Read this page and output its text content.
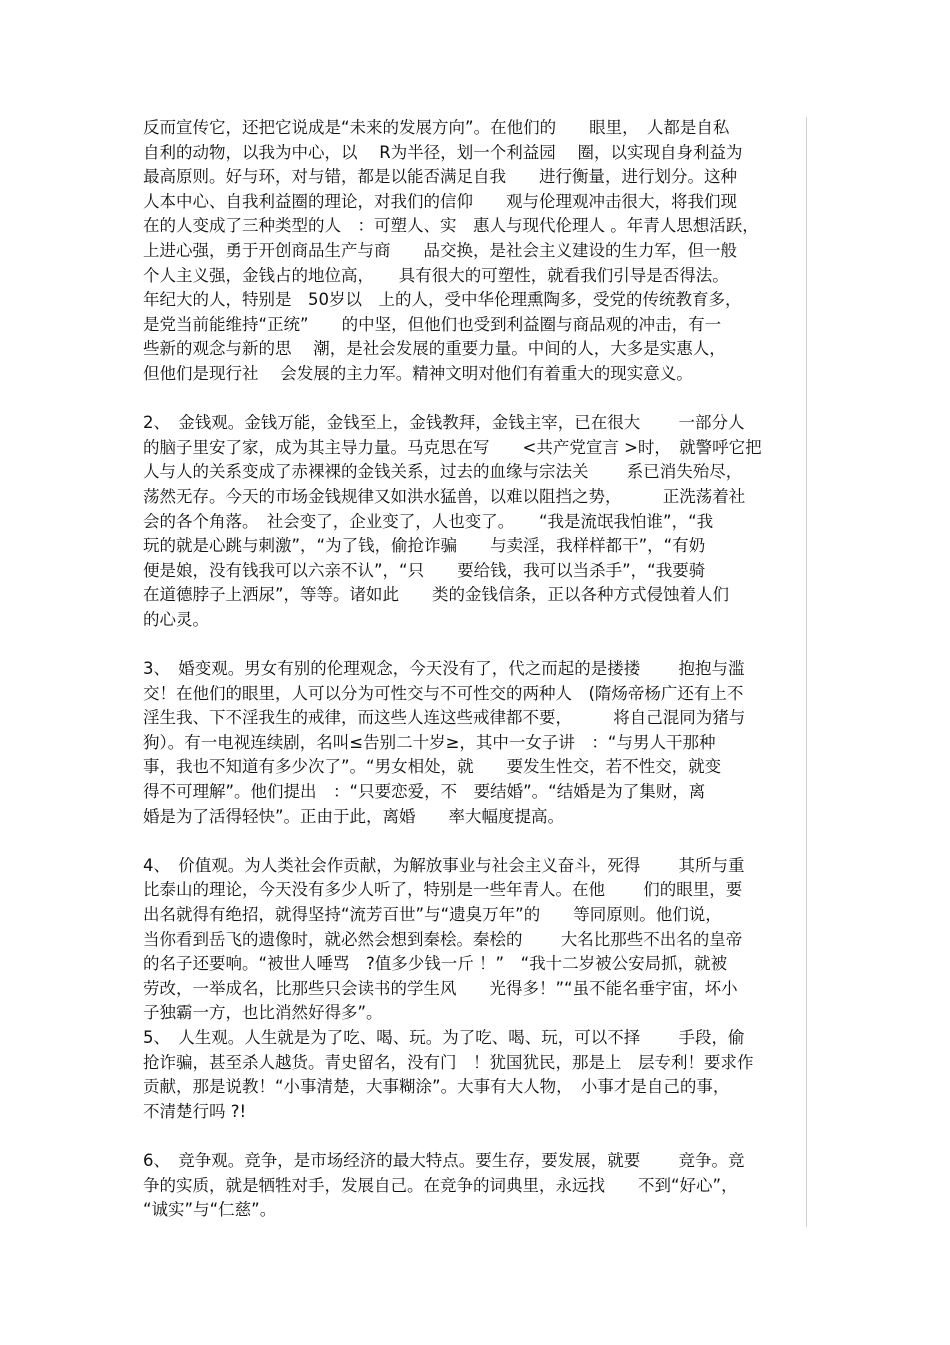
反而宣传它，还把它说成是“未来的发展方向”。在他们的　　眼里，　人都是自私
自利的动物，以我为中心，以　 R为半径，划一个利益园　 圈，以实现自身利益为
最高原则。好与环，对与错，都是以能否满足自我　　进行衡量，进行划分。这种
人本中心、自我利益圈的理论，对我们的信仰　　观与伦理观冲击很大，将我们现
在的人变成了三种类型的人　：可塑人、实　惠人与现代伦理人 。年青人思想活跃，
上进心强，勇于开创商品生产与商　　品交换，是社会主义建设的生力军，但一般
个人主义强，金钱占的地位高，　　具有很大的可塑性，就看我们引导是否得法。
年纪大的人，特别是　50岁以　上的人，受中华伦理熏陶多，受党的传统教育多，
是党当前能维持“正统”　　的中坚，但他们也受到利益圈与商品观的冲击，有一
些新的观念与新的思　 潮，是社会发展的重要力量。中间的人，大多是实惠人，
但他们是现行社　 会发展的主力军。精神文明对他们有着重大的现实意义。
2、　金钱观。金钱万能，金钱至上，金钱教拜，金钱主宰，已在很大　　 一部分人
的脑子里安了家，成为其主导力量。马克思在写　　<共产党宣言 >时，　就警呼它把
人与人的关系变成了赤裸裸的金钱关系，过去的血缘与宗法关　　 系已消失殆尽，
荡然无存。今天的市场金钱规律又如洪水猛兽，以难以阻挡之势，　　　正洗荡着社
会的各个角落。　社会变了，企业变了，人也变了。　　“我是流氓我怕谁”，“我
玩的就是心跳与刺激”，“为了钱，偷抢诈骗　　与卖淫，我样样都干”，“有奶
便是娘，没有钱我可以六亲不认”，“只　　要给钱，我可以当杀手”，“我要骑
在道德脖子上洒尿”，等等。诸如此　　类的金钱信条，正以各种方式侵蚀着人们
的心灵。
3、　婚变观。男女有别的伦理观念，今天没有了，代之而起的是搂搂　　 抱抱与滥
交！在他们的眼里，人可以分为可性交与不可性交的两种人　(隋炀帝杨广还有上不
淫生我、下不淫我生的戒律，而这些人连这些戒律都不要，　　　将自己混同为猪与
狗）。有一电视连续剧，名叫≤告别二十岁≥，其中一女子讲　：“与男人干那种
事，我也不知道有多少次了”。“男女相处，就　　要发生性交，若不性交，就变
得不可理解”。他们提出　：“只要恋爱，不　要结婚”。“结婚是为了集财，离
婚是为了活得轻快”。正由于此，离婚　　率大幅度提高。
4、　价值观。为人类社会作贡献，为解放事业与社会主义奋斗，死得　　 其所与重
比泰山的理论，今天没有多少人听了，特别是一些年青人。在他　　 们的眼里，要
出名就得有绝招，就得坚持“流芳百世”与“遗臭万年”的　　等同原则。他们说，
当你看到岳飞的遗像时，就必然会想到秦桧。秦桧的　　 大名比那些不出名的皇帝
的名子还要响。“被世人唾骂　?值多少钱一斤 ！”　“我十二岁被公安局抓，就被
劳改，一举成名，比那些只会读书的学生风　　光得多！”“虽不能名垂宇宙，坏小
子独霸一方，也比消然好得多”。
5、　人生观。人生就是为了吃、喝、玩。为了吃、喝、玩，可以不择　　 手段，偷
抢诈骗，甚至杀人越货。青史留名，没有门　！犹国犹民，那是上　层专利！要求作
贡献，那是说教！“小事清楚，大事糊涂”。大事有大人物，　小事才是自己的事，
不清楚行吗 ?!
6、　竞争观。竞争，是市场经济的最大特点。要生存，要发展，就要　　 竞争。竞
争的实质，就是牺牲对手，发展自己。在竞争的词典里，永远找　　不到“好心”，
“诚实”与“仁慈”。
